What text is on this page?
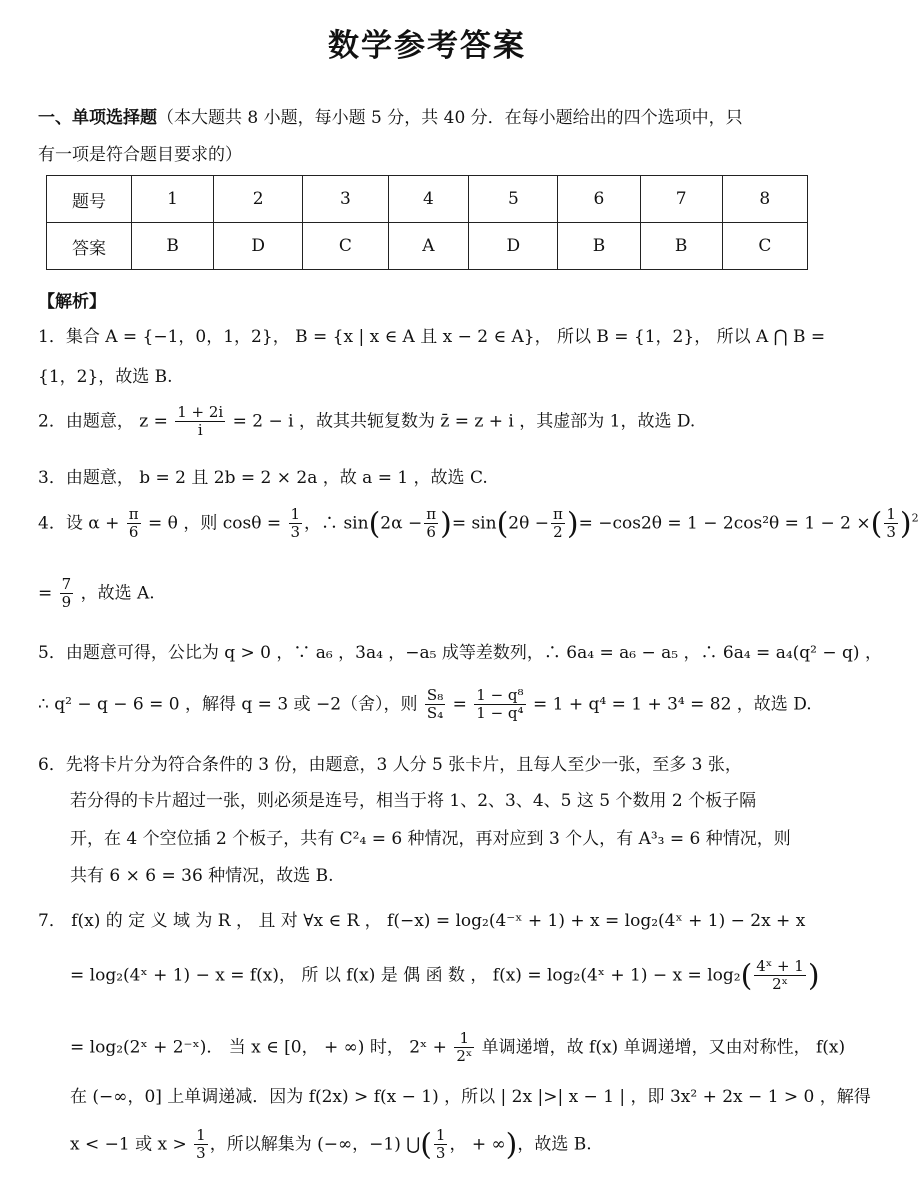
数学参考答案
一、单项选择题（本大题共 8 小题，每小题 5 分，共 40 分．在每小题给出的四个选项中，只
有一项是符合题目要求的）
题号	1	2	3	4	5	6	7	8
答案	B	D	C	A	D	B	B	C
【解析】
1．集合 A = {−1，0，1，2}， B = {x | x ∈ A 且 x − 2 ∈ A}， 所以 B = {1，2}， 所以 A ⋂ B =
{1，2}，故选 B.
2．由题意， $z = \frac{1 + 2i}{i} = 2 - i$ ，故其共轭复数为 z̄ = z + i ，其虚部为 1，故选 D.
3．由题意， b = 2 且 2b = 2 × 2a ，故 a = 1 ，故选 C.
4．设 $\alpha + \frac{\pi}{6} = \theta$ ，则 $\cos\theta = \frac{1}{3}$ ，∴ $\sin(2\alpha - \frac{\pi}{6}$ )= $\sin(2\theta - \frac{\pi}{2}$ )= −cos2θ = 1 − 2cos²θ = 1 − 2 ×( $\frac{1}{3} )^2$
= $\frac{7}{9}$ ，故选 A.
5．由题意可得，公比为 q > 0 ，∵ a₆ ，3a₄ ，−a₅ 成等差数列，∴ 6a₄ = a₆ − a₅ ，∴ 6a₄ = a₄(q² − q) ，
∴ q² − q − 6 = 0 ，解得 q = 3 或 −2（舍），则 $\frac{\text{S₈}}{\text{S₄}} = \frac{\text{1 − q⁸}}{\text{1 − q⁴}} = 1 + q^4 = 1 + 3^4 = 82$ ，故选 D.
6．先将卡片分为符合条件的 3 份，由题意，3 人分 5 张卡片，且每人至少一张，至多 3 张，
若分得的卡片超过一张，则必须是连号，相当于将 1、2、3、4、5 这 5 个数用 2 个板子隔
开，在 4 个空位插 2 个板子，共有 C²₄ = 6 种情况，再对应到 3 个人，有 A³₃ = 6 种情况，则
共有 6 × 6 = 36 种情况，故选 B.
7． f(x) 的 定 义 域 为 R ， 且 对 ∀x ∈ R ， f(−x) = log₂(4⁻ˣ + 1) + x = log₂(4ˣ + 1) − 2x + x
= log₂(4ˣ + 1) − x = f(x)， 所 以 f(x) 是 偶 函 数 ， f(x) = log₂(4ˣ + $1) - x = \log_2( \frac{\text{4ˣ + 1}}{\text{2ˣ}}$ )
= log₂(2ˣ + 2⁻ˣ)． 当 x ∈ [0， + ∞) 时， 2ˣ + $\frac{1}{\text{2ˣ}}$ 单调递增，故 f(x) 单调递增，又由对称性， f(x)
在 (−∞，0] 上单调递减．因为 f(2x) > f(x − 1) ，所以 | 2x |>| x − 1 | ，即 3x² + 2x − 1 > 0 ，解得
x < −1 或 $x > \frac{1}{3}$ ，所以解集为 (−∞，−1) ⋃( $\frac{1}{3}$ ， + ∞)，故选 B.
